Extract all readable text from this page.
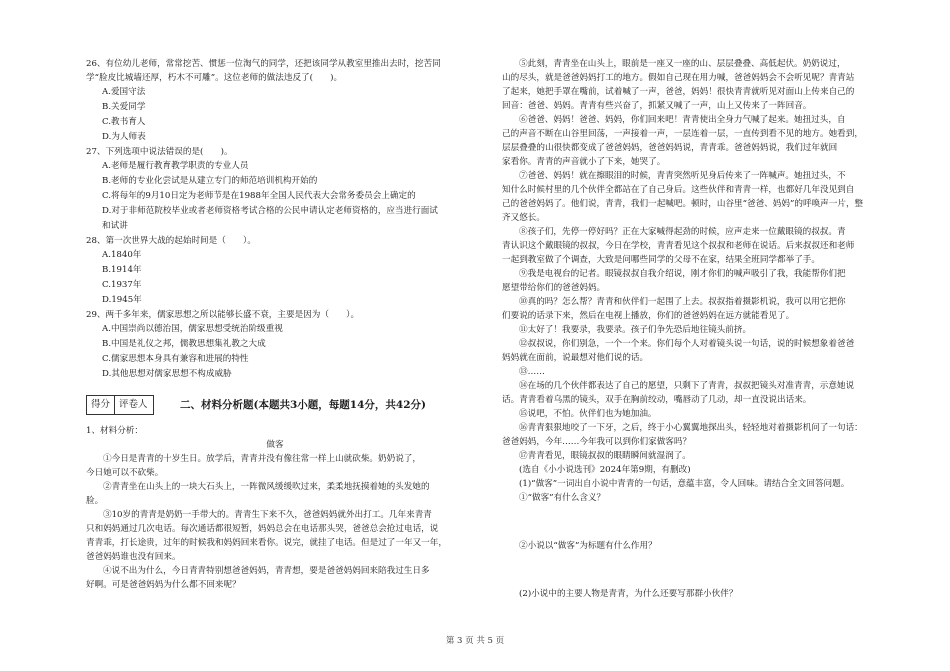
26、有位幼儿老师，常常挖苦、惯惩一位淘气的同学，还把该同学从教室里推出去时，挖苦同

学“脸皮比城墙还厚，朽木不可雕”。这位老师的做法违反了(　　)。

A.爱国守法

B.关爱同学

C.教书育人

D.为人师表

27、下列选项中说法错误的是(　　)。

A.老师是履行教育教学职责的专业人员

B.老师的专业化尝试是从建立专门的师范培训机构开始的

C.将每年的9月10日定为老师节是在1988年全国人民代表大会常务委员会上确定的

D.对于非师范院校毕业或者老师资格考试合格的公民申请认定老师资格的，应当进行面试

和试讲

28、第一次世界大战的起始时间是（　　）。

A.1840年

B.1914年

C.1937年

D.1945年

29、两千多年来，儒家思想之所以能够长盛不衰，主要是因为（　　）。

A.中国崇尚以德治国，儒家思想受统治阶级重视

B.中国是礼仪之邦，儒教思想集礼教之大成

C.儒家思想本身具有兼容和进展的特性

D.其他思想对儒家思想不构成威胁

得分 评卷人	二、材料分析题(本题共3小题，每题14分，共42分)

1、材料分析：

做客

①今日是青青的十岁生日。放学后，青青并没有像往常一样上山就砍柴。奶奶说了，

今日她可以不砍柴。

②青青坐在山头上的一块大石头上，一阵微风缓缓吹过来，柔柔地抚摸着她的头发她的

脸。

③10岁的青青是奶奶一手带大的。青青生下来不久，爸爸妈妈就外出打工。几年来青青

只和妈妈通过几次电话。每次通话都很短暂，妈妈总会在电话那头哭，爸爸总会抢过电话，说

青青乖，打长途贵，过年的时候我和妈妈回来看你。说完，就挂了电话。但是过了一年又一年，

爸爸妈妈谁也没有回来。

④说不出为什么，今日青青特别想爸爸妈妈，青青想，要是爸爸妈妈回来陪我过生日多

好啊。可是爸爸妈妈为什么都不回来呢？

⑤此刻，青青坐在山头上，眼前是一座又一座的山、层层叠叠、高低起伏。奶奶说过，

山的尽头，就是爸爸妈妈打工的地方。假如自己现在用力喊，爸爸妈妈会不会听见呢？青青站

了起来，她把手罩在嘴前，试着喊了一声，爸爸，妈妈！很快青青就听见对面山上传来自己的

回音：爸爸、妈妈。青青有些兴奋了，抓紧又喊了一声，山上又传来了一阵回音。

⑥爸爸、妈妈！爸爸、妈妈，你们回来吧！青青使出全身力气喊了起来。她扭过头，自

己的声音不断在山谷里回荡，一声接着一声，一层连着一层，一直传到看不见的地方。她看到，

层层叠叠的山很快都变成了爸爸妈妈，爸爸妈妈说，青青乖。爸爸妈妈说，我们过年就回

家看你。青青的声音就小了下来，她哭了。

⑦爸爸、妈妈！就在擦眼泪的时候，青青突然听见身后传来了一阵喊声。她扭过头，不

知什么时候村里的几个伙伴全都站在了自己身后。这些伙伴和青青一样，也都好几年没见到自

己的爸爸妈妈了。他们说，青青，我们一起喊吧。顿时，山谷里“爸爸、妈妈”的呼唤声一片，整

齐又悠长。

⑧孩子们，先停一停好吗？正在大家喊得起劲的时候，应声走来一位戴眼镜的叔叔。青

青认识这个戴眼镜的叔叔，今日在学校，青青看见这个叔叔和老师在说话。后来叔叔还和老师

一起到教室做了个调查，大致是问哪些同学的父母不在家，结果全班同学都举了手。

⑨我是电视台的记者。眼镜叔叔自我介绍说，刚才你们的喊声吸引了我，我能帮你们把

愿望带给你们的爸爸妈妈。

⑩真的吗？怎么帮？青青和伙伴们一起围了上去。叔叔指着摄影机说，我可以用它把你

们要说的话录下来，然后在电视上播放，你们的爸爸妈妈在远方就能看见了。

⑪太好了！我要录，我要录。孩子们争先恐后地往镜头前挤。

⑫叔叔说，你们别急，一个一个来。你们每个人对着镜头说一句话，说的时候想象着爸爸

妈妈就在面前，说最想对他们说的话。

⑬……

⑭在场的几个伙伴都表达了自己的愿望，只剩下了青青，叔叔把镜头对准青青，示意她说

话。青青看着乌黑的镜头，双手在胸前绞动，嘴唇动了几动，却一直没说出话来。

⑮说吧，不怕。伙伴们也为她加油。

⑯青青狠狠地咬了一下牙，之后，终于小心翼翼地探出头，轻轻地对着摄影机问了一句话：

爸爸妈妈，今年……今年我可以到你们家做客吗？

⑰青青看见，眼镜叔叔的眼睛瞬间就湿润了。

(选自《小小说选刊》2024年第9期，有删改)

(1)“做客”一词出自小说中青青的一句话，意蕴丰富，令人回味。请结合全文回答问题。

①“做客”有什么含义？

②小说以“做客”为标题有什么作用？

(2)小说中的主要人物是青青，为什么还要写那群小伙伴？

第 3 页 共 5 页
